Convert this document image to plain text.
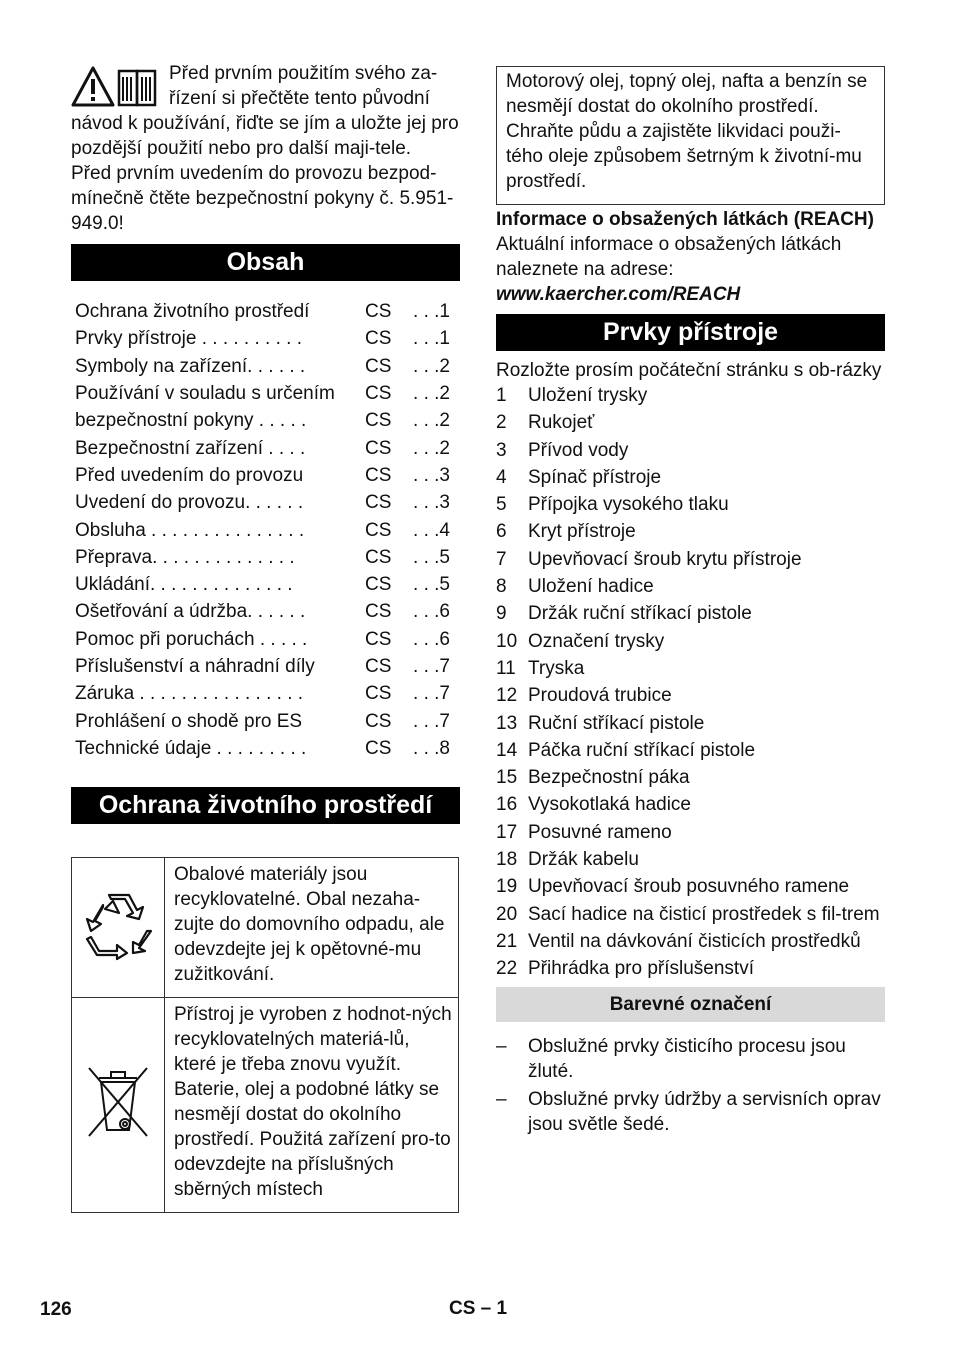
Před prvním použitím svého za-řízení si přečtěte tento původní návod k používání, řiďte se jím a uložte jej pro pozdější použití nebo pro další maji-tele.

Před prvním uvedením do provozu bezpod-mínečně čtěte bezpečnostní pokyny č. 5.951-949.0!

Obsah
Ochrana životního prostředí	CS	. . .1
Prvky přístroje . . . . . . . . . .	CS	. . .1
Symboly na zařízení. . . . . .	CS	. . .2
Používání v souladu s určením	CS	. . .2
bezpečnostní pokyny . . . . .	CS	. . .2
Bezpečnostní zařízení . . . .	CS	. . .2
Před uvedením do provozu	CS	. . .3
Uvedení do provozu. . . . . .	CS	. . .3
Obsluha . . . . . . . . . . . . . . .	CS	. . .4
Přeprava. . . . . . . . . . . . . .	CS	. . .5
Ukládání. . . . . . . . . . . . . .	CS	. . .5
Ošetřování a údržba. . . . . .	CS	. . .6
Pomoc při poruchách . . . . .	CS	. . .6
Příslušenství a náhradní díly	CS	. . .7
Záruka . . . . . . . . . . . . . . . .	CS	. . .7
Prohlášení o shodě pro ES	CS	. . .7
Technické údaje . . . . . . . . .	CS	. . .8
Ochrana životního prostředí
	Obalové materiály jsou recyklovatelné. Obal nezaha-zujte do domovního odpadu, ale odevzdejte jej k opětovné-mu zužitkování.
	Přístroj je vyroben z hodnot-ných recyklovatelných materiá-lů, které je třeba znovu využít. Baterie, olej a podobné látky se nesmějí dostat do okolního prostředí. Použitá zařízení pro-to odevzdejte na příslušných sběrných místech
Motorový olej, topný olej, nafta a benzín se nesmějí dostat do okolního prostředí. Chraňte půdu a zajistěte likvidaci použi-tého oleje způsobem šetrným k životní-mu prostředí.
Informace o obsažených látkách (REACH)
Aktuální informace o obsažených látkách naleznete na adrese:
www.kaercher.com/REACH
Prvky přístroje
Rozložte prosím počáteční stránku s ob-rázky
1	Uložení trysky
2	Rukojeť
3	Přívod vody
4	Spínač přístroje
5	Přípojka vysokého tlaku
6	Kryt přístroje
7	Upevňovací šroub krytu přístroje
8	Uložení hadice
9	Držák ruční stříkací pistole
10 Označení trysky
11 Tryska
12 Proudová trubice
13 Ruční stříkací pistole
14 Páčka ruční stříkací pistole
15 Bezpečnostní páka
16 Vysokotlaká hadice
17 Posuvné rameno
18 Držák kabelu
19 Upevňovací šroub posuvného ramene
20 Sací hadice na čisticí prostředek s fil-trem
21 Ventil na dávkování čisticích prostředků
22 Přihrádka pro příslušenství
Barevné označení
–	Obslužné prvky čisticího procesu jsou žluté.
–	Obslužné prvky údržby a servisních oprav jsou světle šedé.
126	CS – 1
